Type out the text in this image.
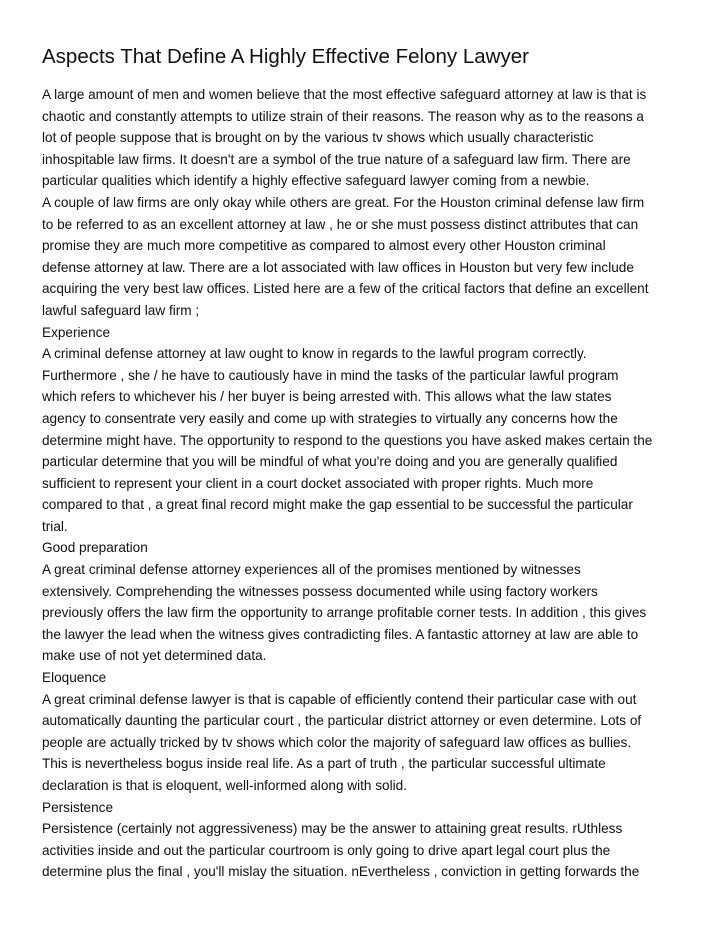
Aspects That Define A Highly Effective Felony Lawyer
A large amount of men and women believe that the most effective safeguard attorney at law is that is
chaotic and constantly attempts to utilize strain of their reasons. The reason why as to the reasons a
lot of people suppose that is brought on by the various tv shows which usually characteristic
inhospitable law firms. It doesn't are a symbol of the true nature of a safeguard law firm. There are
particular qualities which identify a highly effective safeguard lawyer coming from a newbie.
A couple of law firms are only okay while others are great. For the Houston criminal defense law firm
to be referred to as an excellent attorney at law , he or she must possess distinct attributes that can
promise they are much more competitive as compared to almost every other Houston criminal
defense attorney at law. There are a lot associated with law offices in Houston but very few include
acquiring the very best law offices. Listed here are a few of the critical factors that define an excellent
lawful safeguard law firm ;
Experience
A criminal defense attorney at law ought to know in regards to the lawful program correctly.
Furthermore , she / he have to cautiously have in mind the tasks of the particular lawful program
which refers to whichever his / her buyer is being arrested with. This allows what the law states
agency to consentrate very easily and come up with strategies to virtually any concerns how the
determine might have. The opportunity to respond to the questions you have asked makes certain the
particular determine that you will be mindful of what you're doing and you are generally qualified
sufficient to represent your client in a court docket associated with proper rights. Much more
compared to that , a great final record might make the gap essential to be successful the particular
trial.
Good preparation
A great criminal defense attorney experiences all of the promises mentioned by witnesses
extensively. Comprehending the witnesses possess documented while using factory workers
previously offers the law firm the opportunity to arrange profitable corner tests. In addition , this gives
the lawyer the lead when the witness gives contradicting files. A fantastic attorney at law are able to
make use of not yet determined data.
Eloquence
A great criminal defense lawyer is that is capable of efficiently contend their particular case with out
automatically daunting the particular court , the particular district attorney or even determine. Lots of
people are actually tricked by tv shows which color the majority of safeguard law offices as bullies.
This is nevertheless bogus inside real life. As a part of truth , the particular successful ultimate
declaration is that is eloquent, well-informed along with solid.
Persistence
Persistence (certainly not aggressiveness) may be the answer to attaining great results. rUthless
activities inside and out the particular courtroom is only going to drive apart legal court plus the
determine plus the final , you'll mislay the situation. nEvertheless , conviction in getting forwards the
